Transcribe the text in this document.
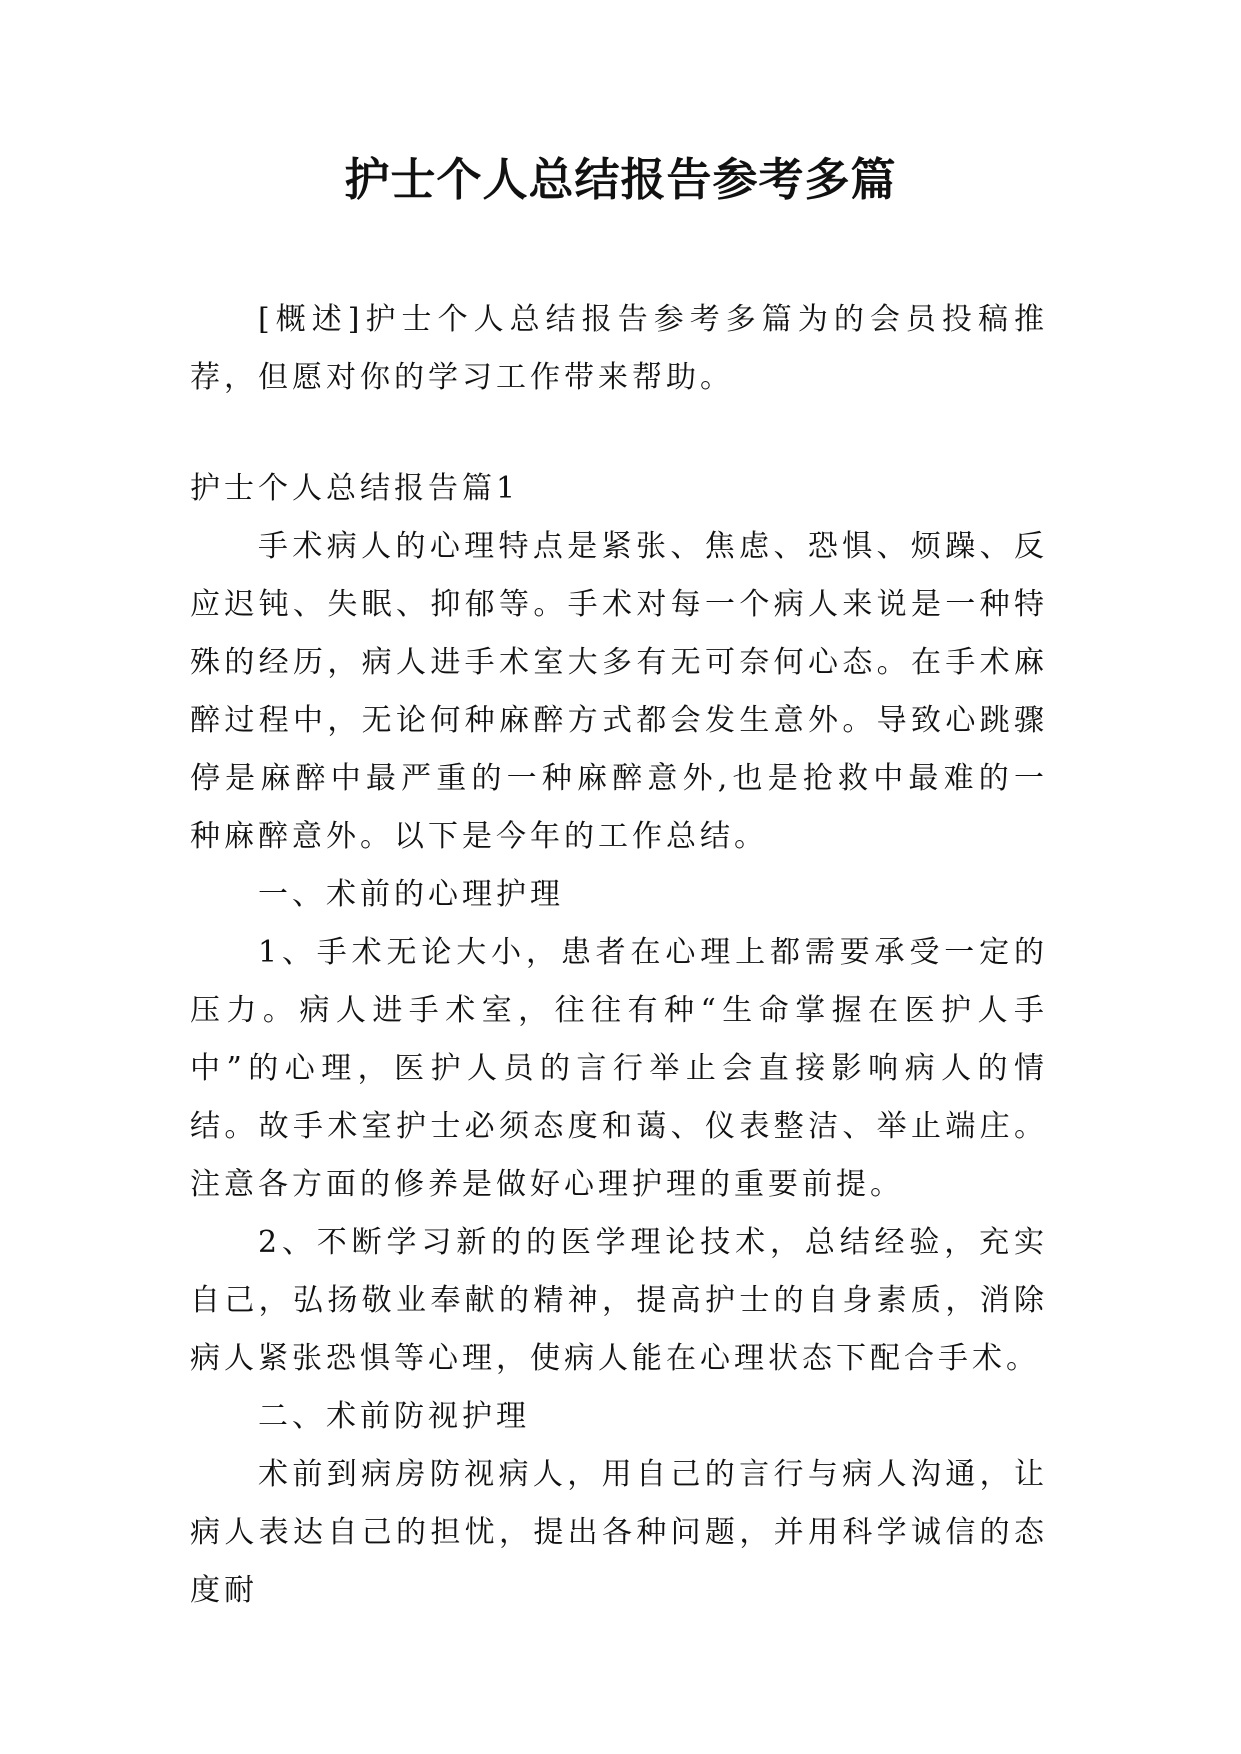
护士个人总结报告参考多篇

[概述]护士个人总结报告参考多篇为的会员投稿推荐，但愿对你的学习工作带来帮助。

护士个人总结报告篇1

手术病人的心理特点是紧张、焦虑、恐惧、烦躁、反应迟钝、失眠、抑郁等。手术对每一个病人来说是一种特殊的经历，病人进手术室大多有无可奈何心态。在手术麻醉过程中，无论何种麻醉方式都会发生意外。导致心跳骤停是麻醉中最严重的一种麻醉意外,也是抢救中最难的一种麻醉意外。以下是今年的工作总结。

一、术前的心理护理

1、手术无论大小，患者在心理上都需要承受一定的压力。病人进手术室，往往有种“生命掌握在医护人手中”的心理，医护人员的言行举止会直接影响病人的情结。故手术室护士必须态度和蔼、仪表整洁、举止端庄。注意各方面的修养是做好心理护理的重要前提。

2、不断学习新的的医学理论技术，总结经验，充实自己，弘扬敬业奉献的精神，提高护士的自身素质，消除病人紧张恐惧等心理，使病人能在心理状态下配合手术。

二、术前防视护理

术前到病房防视病人，用自己的言行与病人沟通，让病人表达自己的担忧，提出各种问题，并用科学诚信的态度耐
